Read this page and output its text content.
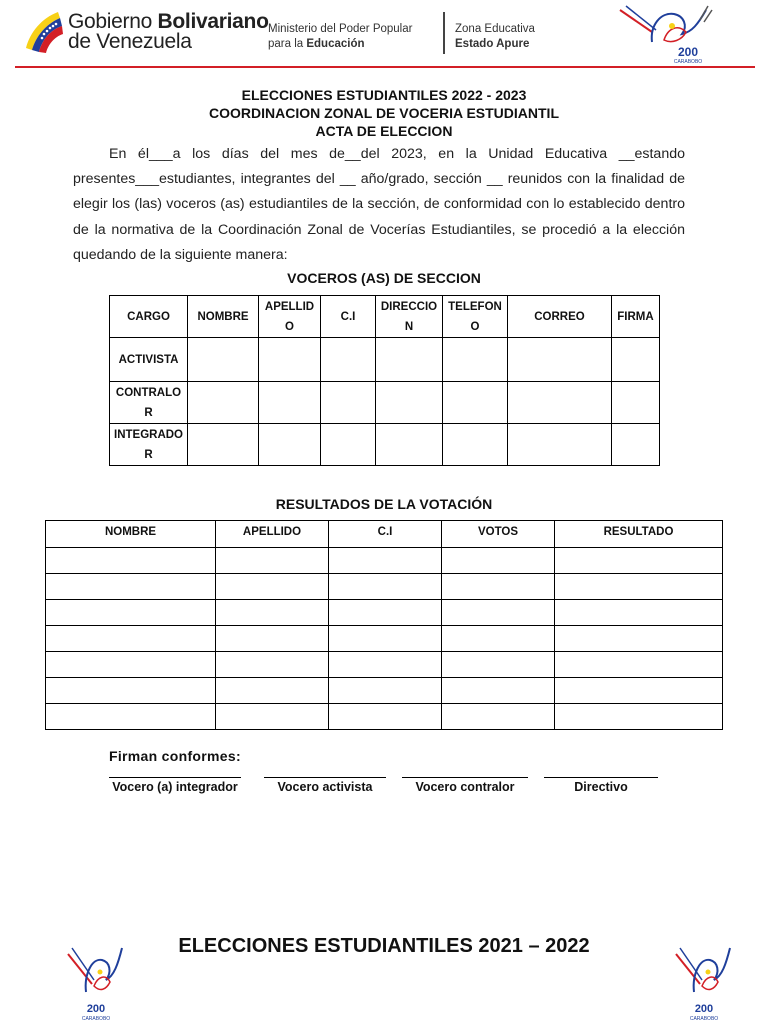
Gobierno Bolivariano
de Venezuela
Ministerio del Poder Popular
para la Educación
Zona Educativa
Estado Apure
200
CARABOBO
ELECCIONES ESTUDIANTILES 2022 - 2023
COORDINACION ZONAL DE VOCERIA ESTUDIANTIL
ACTA DE ELECCION
En él___a los días del mes de__del 2023, en la Unidad Educativa __estando presentes___estudiantes, integrantes del __ año/grado, sección __ reunidos con la finalidad de elegir los (las) voceros (as) estudiantiles de la sección, de conformidad con lo establecido dentro de la normativa de la Coordinación Zonal de Vocerías Estudiantiles, se procedió a la elección quedando de la siguiente manera:
VOCEROS (AS) DE SECCION
CARGO	NOMBRE	APELLIDO	C.I	DIRECCION	TELEFONO	CORREO	FIRMA
ACTIVISTA							
CONTRALOR							
INTEGRADOR							
RESULTADOS DE LA VOTACIÓN
NOMBRE	APELLIDO	C.I	VOTOS	RESULTADO

Firman conformes:
Vocero (a) integrador	Vocero activista	Vocero contralor	Directivo
200
CARABOBO
ELECCIONES ESTUDIANTILES 2021 – 2022
200
CARABOBO
